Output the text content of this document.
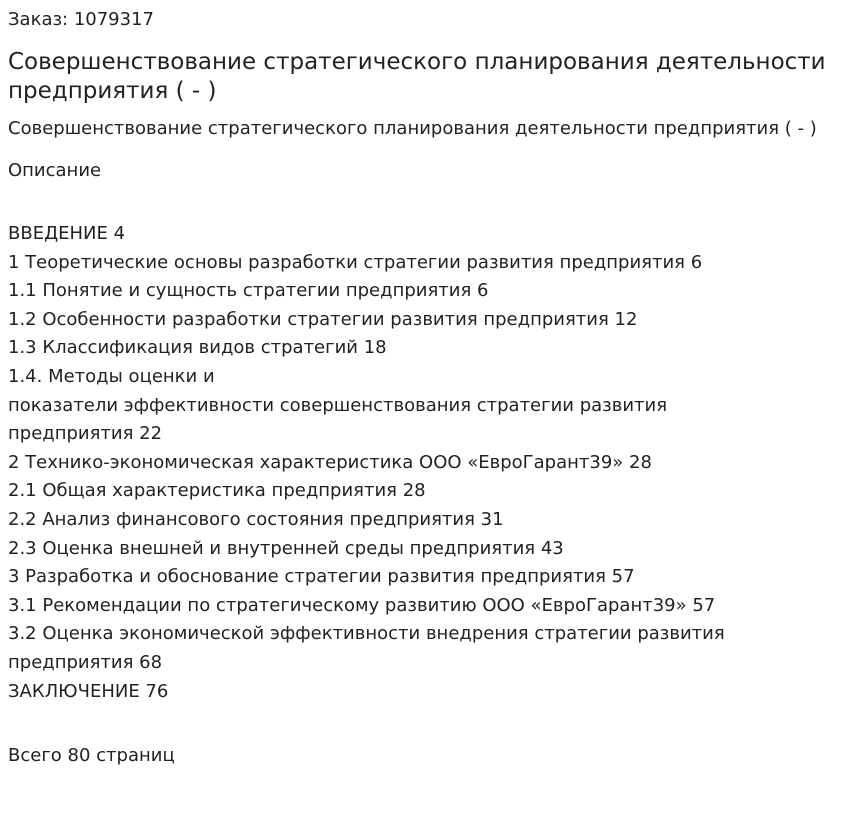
Заказ: 1079317

Совершенствование стратегического планирования деятельности предприятия ( - )

Совершенствование стратегического планирования деятельности предприятия ( - )

Описание

ВВЕДЕНИЕ 4
1 Теоретические основы разработки стратегии развития предприятия 6
1.1 Понятие и сущность стратегии предприятия 6
1.2 Особенности разработки стратегии развития предприятия 12
1.3 Классификация видов стратегий 18
1.4. Методы оценки и
показатели эффективности совершенствования стратегии развития предприятия 22
2 Технико-экономическая характеристика ООО «ЕвроГарант39» 28
2.1 Общая характеристика предприятия 28
2.2 Анализ финансового состояния предприятия 31
2.3 Оценка внешней и внутренней среды предприятия 43
3 Разработка и обоснование стратегии развития предприятия 57
3.1 Рекомендации по стратегическому развитию ООО «ЕвроГарант39» 57
3.2 Оценка экономической эффективности внедрения стратегии развития предприятия 68
ЗАКЛЮЧЕНИЕ 76

Всего 80 страниц
